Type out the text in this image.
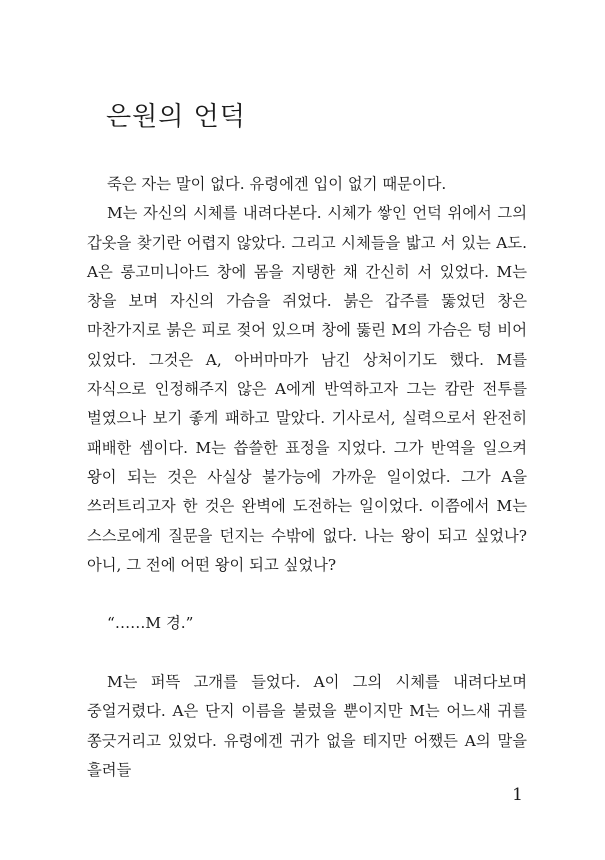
은원의 언덕

죽은 자는 말이 없다. 유령에겐 입이 없기 때문이다.

M는 자신의 시체를 내려다본다. 시체가 쌓인 언덕 위에서 그의 갑옷을 찾기란 어렵지 않았다. 그리고 시체들을 밟고 서 있는 A도. A은 롱고미니아드 창에 몸을 지탱한 채 간신히 서 있었다. M는 창을 보며 자신의 가슴을 쥐었다. 붉은 갑주를 뚫었던 창은 마찬가지로 붉은 피로 젖어 있으며 창에 뚫린 M의 가슴은 텅 비어 있었다. 그것은 A, 아버마마가 남긴 상처이기도 했다. M를 자식으로 인정해주지 않은 A에게 반역하고자 그는 캄란 전투를 벌였으나 보기 좋게 패하고 말았다. 기사로서, 실력으로서 완전히 패배한 셈이다. M는 씁쓸한 표정을 지었다. 그가 반역을 일으켜 왕이 되는 것은 사실상 불가능에 가까운 일이었다. 그가 A을 쓰러트리고자 한 것은 완벽에 도전하는 일이었다. 이쯤에서 M는 스스로에게 질문을 던지는 수밖에 없다. 나는 왕이 되고 싶었나? 아니, 그 전에 어떤 왕이 되고 싶었나?

“……M 경.”

M는 퍼뜩 고개를 들었다. A이 그의 시체를 내려다보며 중얼거렸다. A은 단지 이름을 불렀을 뿐이지만 M는 어느새 귀를 쫑긋거리고 있었다. 유령에겐 귀가 없을 테지만 어쨌든 A의 말을 흘려들

1
